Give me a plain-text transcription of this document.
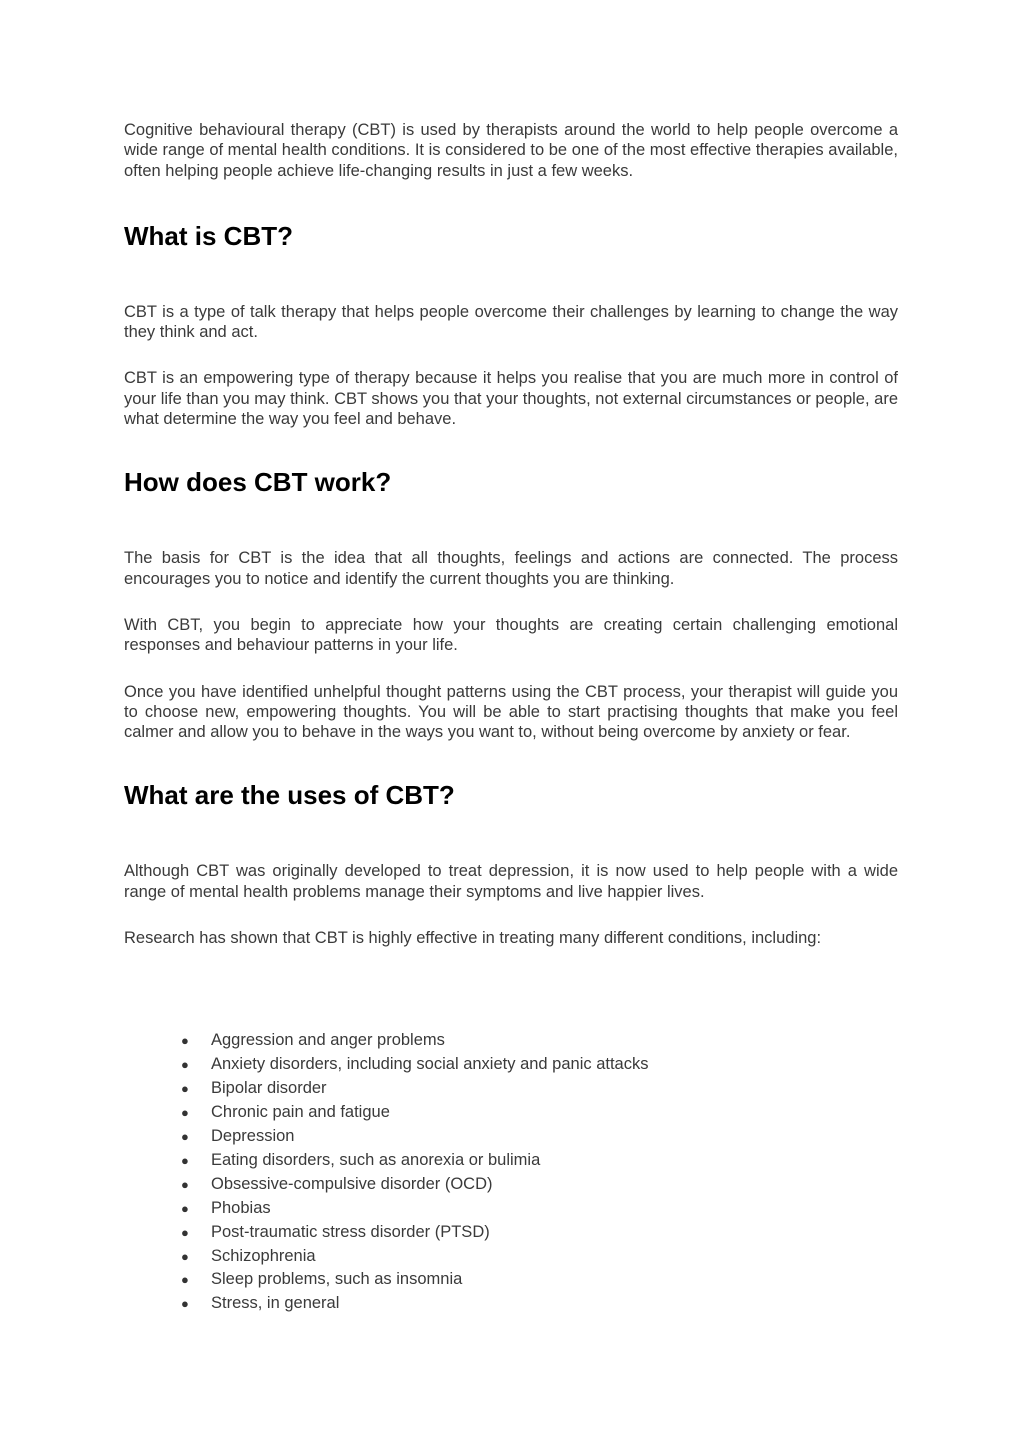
Cognitive behavioural therapy (CBT) is used by therapists around the world to help people overcome a wide range of mental health conditions. It is considered to be one of the most effective therapies available, often helping people achieve life-changing results in just a few weeks.

What is CBT?

CBT is a type of talk therapy that helps people overcome their challenges by learning to change the way they think and act.

CBT is an empowering type of therapy because it helps you realise that you are much more in control of your life than you may think. CBT shows you that your thoughts, not external circumstances or people, are what determine the way you feel and behave.

How does CBT work?

The basis for CBT is the idea that all thoughts, feelings and actions are connected. The process encourages you to notice and identify the current thoughts you are thinking.

With CBT, you begin to appreciate how your thoughts are creating certain challenging emotional responses and behaviour patterns in your life.

Once you have identified unhelpful thought patterns using the CBT process, your therapist will guide you to choose new, empowering thoughts. You will be able to start practising thoughts that make you feel calmer and allow you to behave in the ways you want to, without being overcome by anxiety or fear.

What are the uses of CBT?

Although CBT was originally developed to treat depression, it is now used to help people with a wide range of mental health problems manage their symptoms and live happier lives.

Research has shown that CBT is highly effective in treating many different conditions, including:

● Aggression and anger problems
● Anxiety disorders, including social anxiety and panic attacks
● Bipolar disorder
● Chronic pain and fatigue
● Depression
● Eating disorders, such as anorexia or bulimia
● Obsessive-compulsive disorder (OCD)
● Phobias
● Post-traumatic stress disorder (PTSD)
● Schizophrenia
● Sleep problems, such as insomnia
● Stress, in general
